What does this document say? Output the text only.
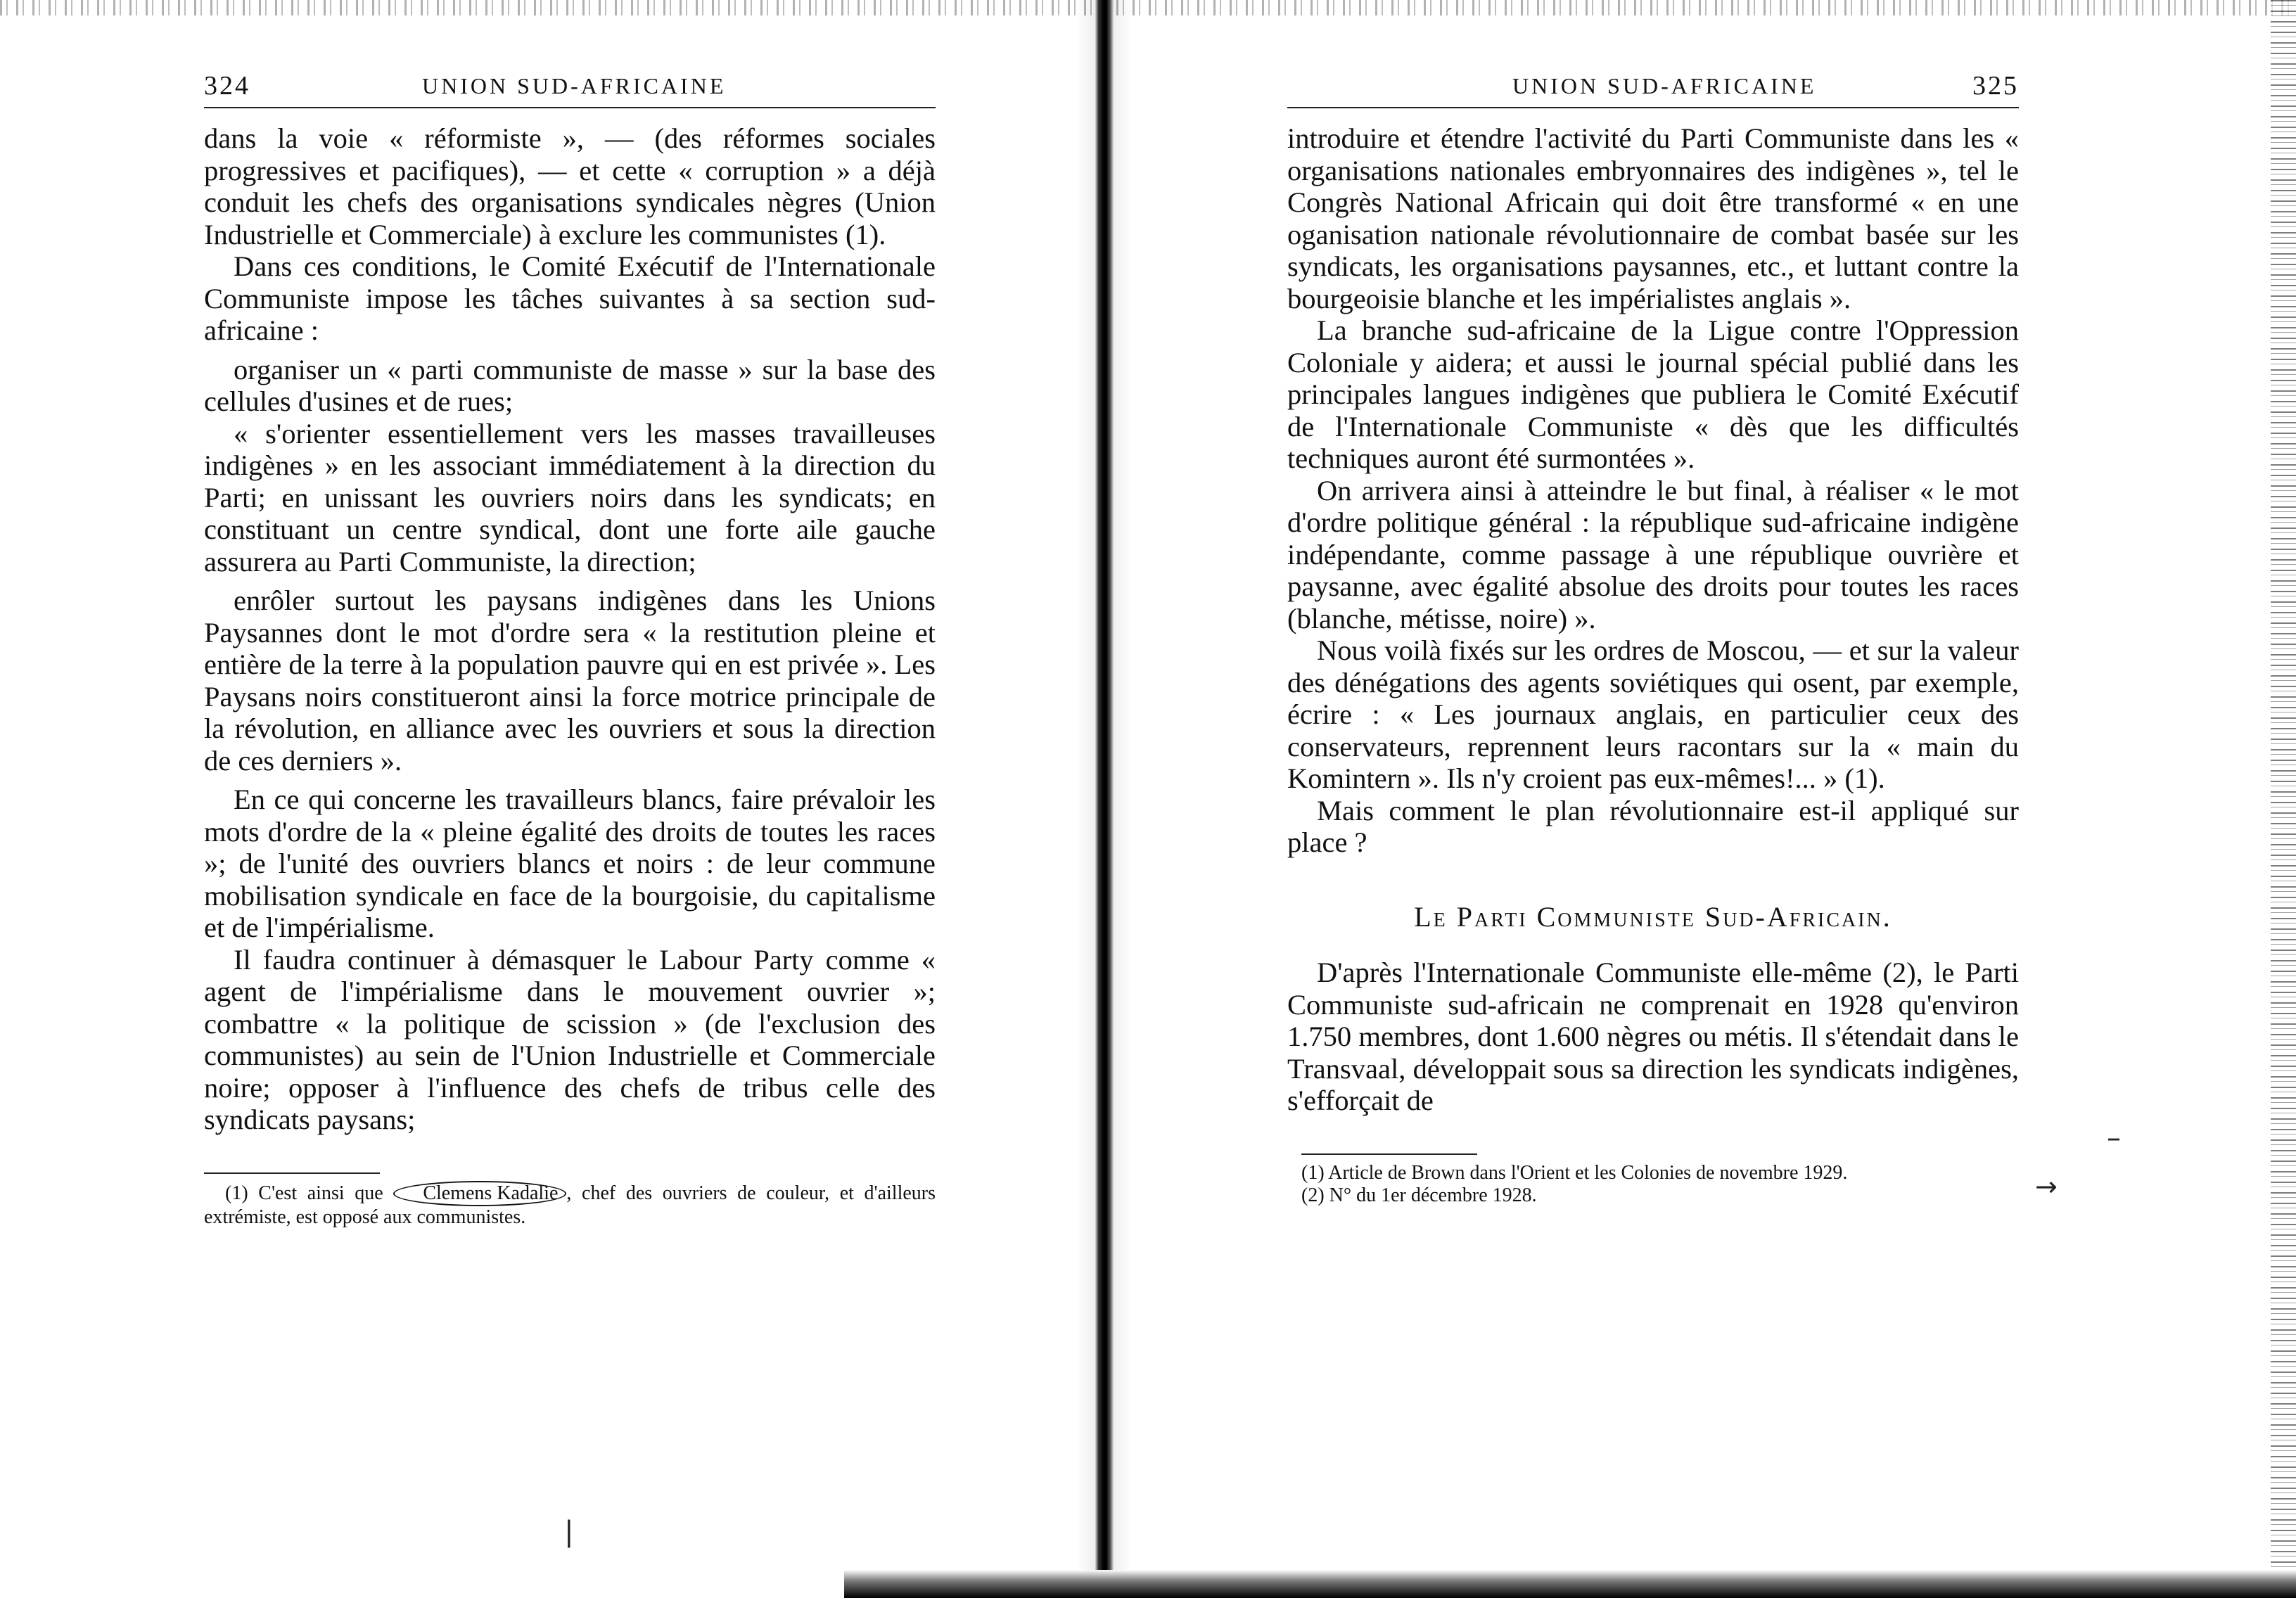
324	UNION SUD-AFRICAINE

dans la voie « réformiste », — (des réformes sociales progressives et pacifiques), — et cette « corruption » a déjà conduit les chefs des organisations syndicales nègres (Union Industrielle et Commerciale) à exclure les communistes (1).

Dans ces conditions, le Comité Exécutif de l'Internationale Communiste impose les tâches suivantes à sa section sud-africaine :

organiser un « parti communiste de masse » sur la base des cellules d'usines et de rues;

« s'orienter essentiellement vers les masses travailleuses indigènes » en les associant immédiatement à la direction du Parti; en unissant les ouvriers noirs dans les syndicats; en constituant un centre syndical, dont une forte aile gauche assurera au Parti Communiste, la direction;

enrôler surtout les paysans indigènes dans les Unions Paysannes dont le mot d'ordre sera « la restitution pleine et entière de la terre à la population pauvre qui en est privée ». Les Paysans noirs constitueront ainsi la force motrice principale de la révolution, en alliance avec les ouvriers et sous la direction de ces derniers ».

En ce qui concerne les travailleurs blancs, faire prévaloir les mots d'ordre de la « pleine égalité des droits de toutes les races »; de l'unité des ouvriers blancs et noirs : de leur commune mobilisation syndicale en face de la bourgoisie, du capitalisme et de l'impérialisme.

Il faudra continuer à démasquer le Labour Party comme « agent de l'impérialisme dans le mouvement ouvrier »; combattre « la politique de scission » (de l'exclusion des communistes) au sein de l'Union Industrielle et Commerciale noire; opposer à l'influence des chefs de tribus celle des syndicats paysans;

(1) C'est ainsi que Clemens Kadalie , chef des ouvriers de couleur, et d'ailleurs extrémiste, est opposé aux communistes.

UNION SUD-AFRICAINE	325

introduire et étendre l'activité du Parti Communiste dans les « organisations nationales embryonnaires des indigènes », tel le Congrès National Africain qui doit être transformé « en une oganisation nationale révolutionnaire de combat basée sur les syndicats, les organisations paysannes, etc., et luttant contre la bourgeoisie blanche et les impérialistes anglais ».

La branche sud-africaine de la Ligue contre l'Oppression Coloniale y aidera; et aussi le journal spécial publié dans les principales langues indigènes que publiera le Comité Exécutif de l'Internationale Communiste « dès que les difficultés techniques auront été surmontées ».

On arrivera ainsi à atteindre le but final, à réaliser « le mot d'ordre politique général : la république sud-africaine indigène indépendante, comme passage à une république ouvrière et paysanne, avec égalité absolue des droits pour toutes les races (blanche, métisse, noire) ».

Nous voilà fixés sur les ordres de Moscou, — et sur la valeur des dénégations des agents soviétiques qui osent, par exemple, écrire : « Les journaux anglais, en particulier ceux des conservateurs, reprennent leurs racontars sur la « main du Komintern ». Ils n'y croient pas eux-mêmes!... » (1).

Mais comment le plan révolutionnaire est-il appliqué sur place ?

Le Parti Communiste Sud-Africain.

D'après l'Internationale Communiste elle-même (2), le Parti Communiste sud-africain ne comprenait en 1928 qu'environ 1.750 membres, dont 1.600 nègres ou métis. Il s'étendait dans le Transvaal, développait sous sa direction les syndicats indigènes, s'efforçait de

(1) Article de Brown dans l'Orient et les Colonies de novembre 1929.

(2) N° du 1er décembre 1928.

–
→
❘
